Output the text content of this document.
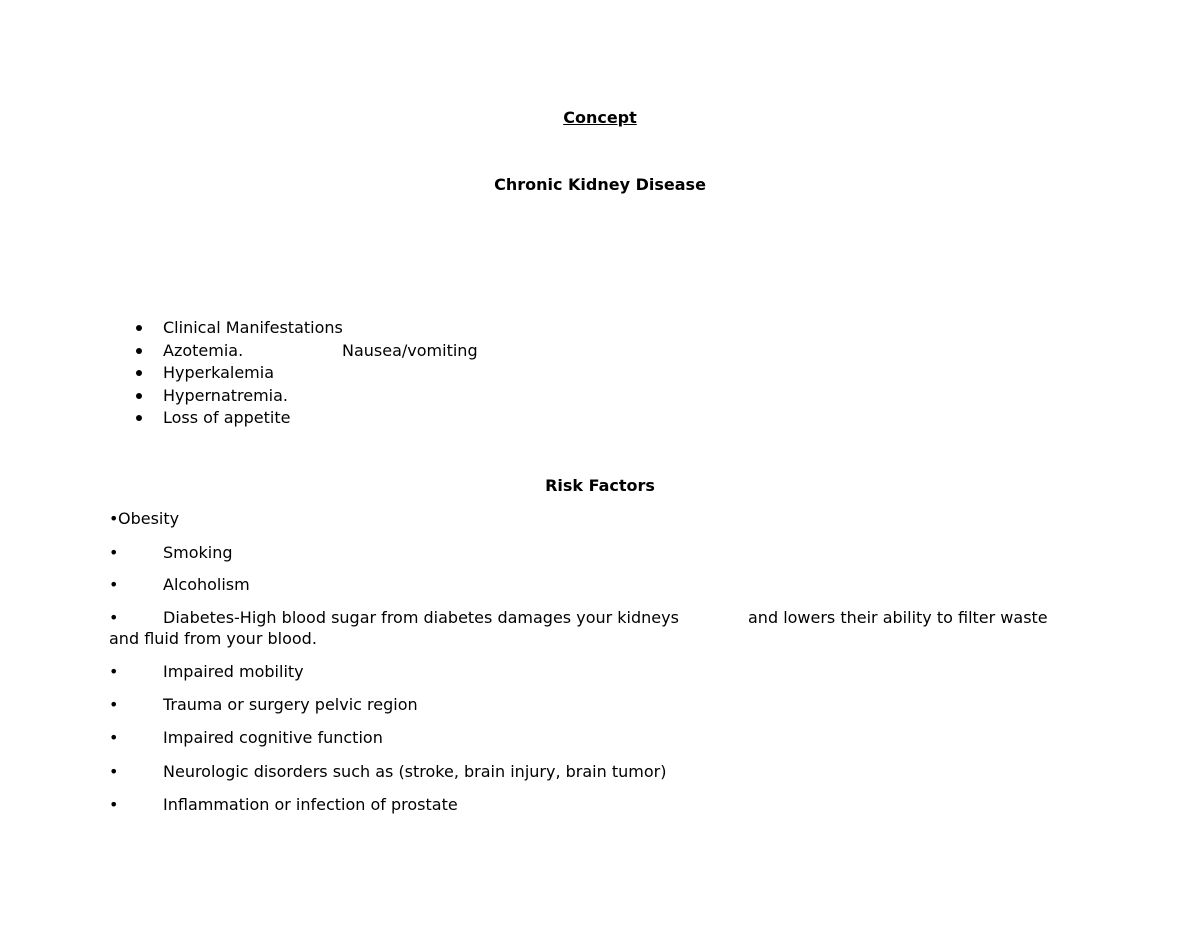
Concept
Chronic Kidney Disease
Clinical Manifestations
Azotemia.	Nausea/vomiting
Hyperkalemia
Hypernatremia.
Loss of appetite
Risk Factors
• Obesity
•	Smoking
•	Alcoholism
•	Diabetes-High blood sugar from diabetes damages your kidneys	and lowers their ability to filter waste
and fluid from your blood.
•	Impaired mobility
•	Trauma or surgery pelvic region
•	Impaired cognitive function
•	Neurologic disorders such as (stroke, brain injury, brain tumor)
•	Inflammation or infection of prostate
